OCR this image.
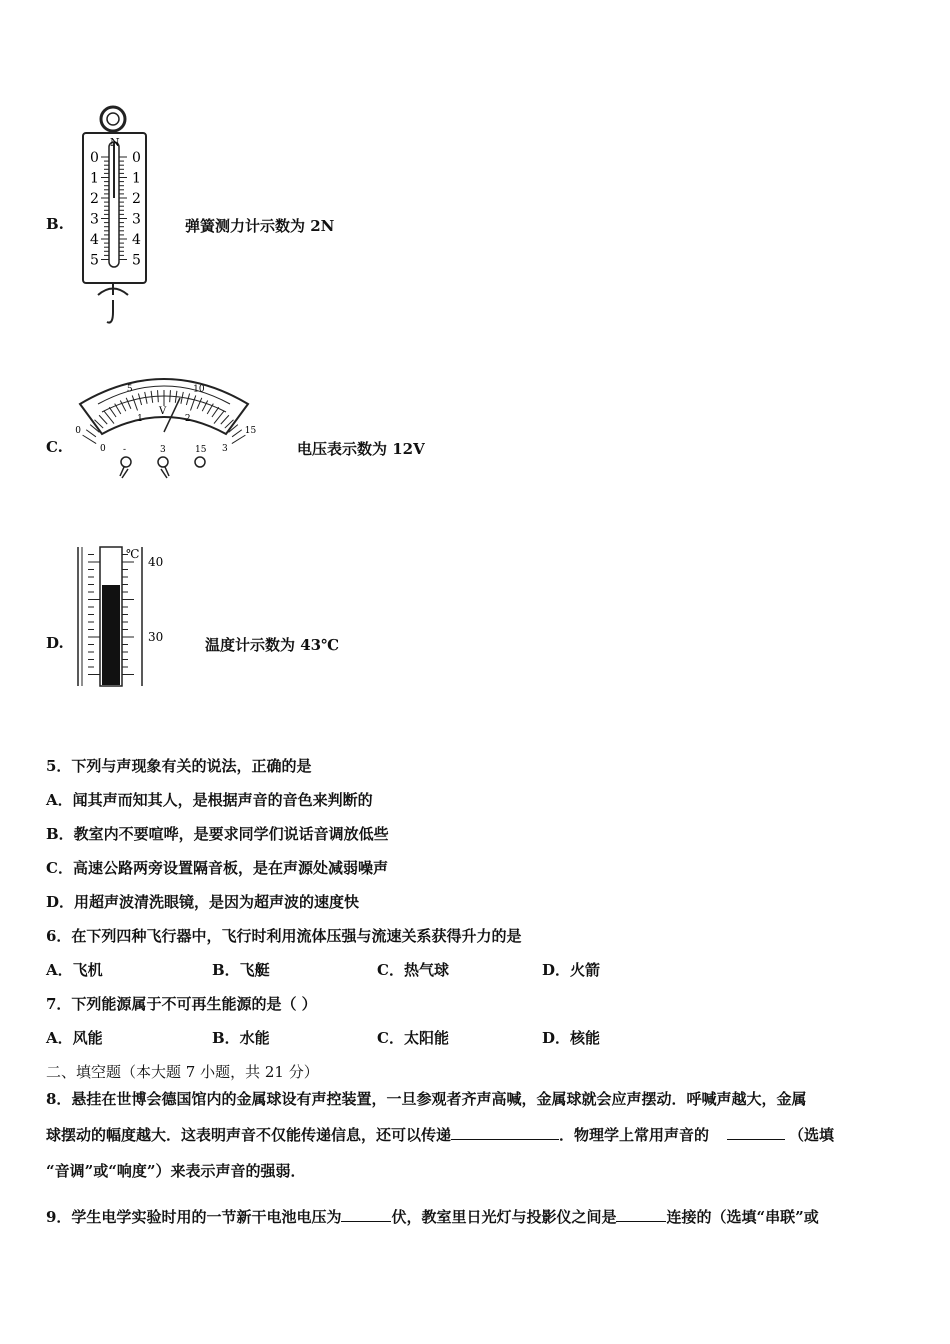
B.
N
0 0
1 1
2 2
3 3
4 4
5 5
弹簧测力计示数为 2N
C.
0
5	10
15
0
1	2
3
V
-	3	15	电压表示数为 12V
D.
℃
40
30	温度计示数为 43℃
5．下列与声现象有关的说法，正确的是
A．闻其声而知其人，是根据声音的音色来判断的
B．教室内不要喧哗，是要求同学们说话音调放低些
C．高速公路两旁设置隔音板，是在声源处减弱噪声
D．用超声波清洗眼镜，是因为超声波的速度快
6．在下列四种飞行器中，飞行时利用流体压强与流速关系获得升力的是
A．飞机	B．飞艇	C．热气球	D．火箭
7．下列能源属于不可再生能源的是（ ）
A．风能	B．水能	C．太阳能	D．核能
二、填空题（本大题 7 小题，共 21 分）
8．悬挂在世博会德国馆内的金属球设有声控装置，一旦参观者齐声高喊，金属球就会应声摆动．呼喊声越大，金属
球摆动的幅度越大．这表明声音不仅能传递信息，还可以传递	．物理学上常用声音的	（选填
“音调”或“响度”）来表示声音的强弱．
9．学生电学实验时用的一节新干电池电压为	伏，教室里日光灯与投影仪之间是	连接的（选填“串联”或
